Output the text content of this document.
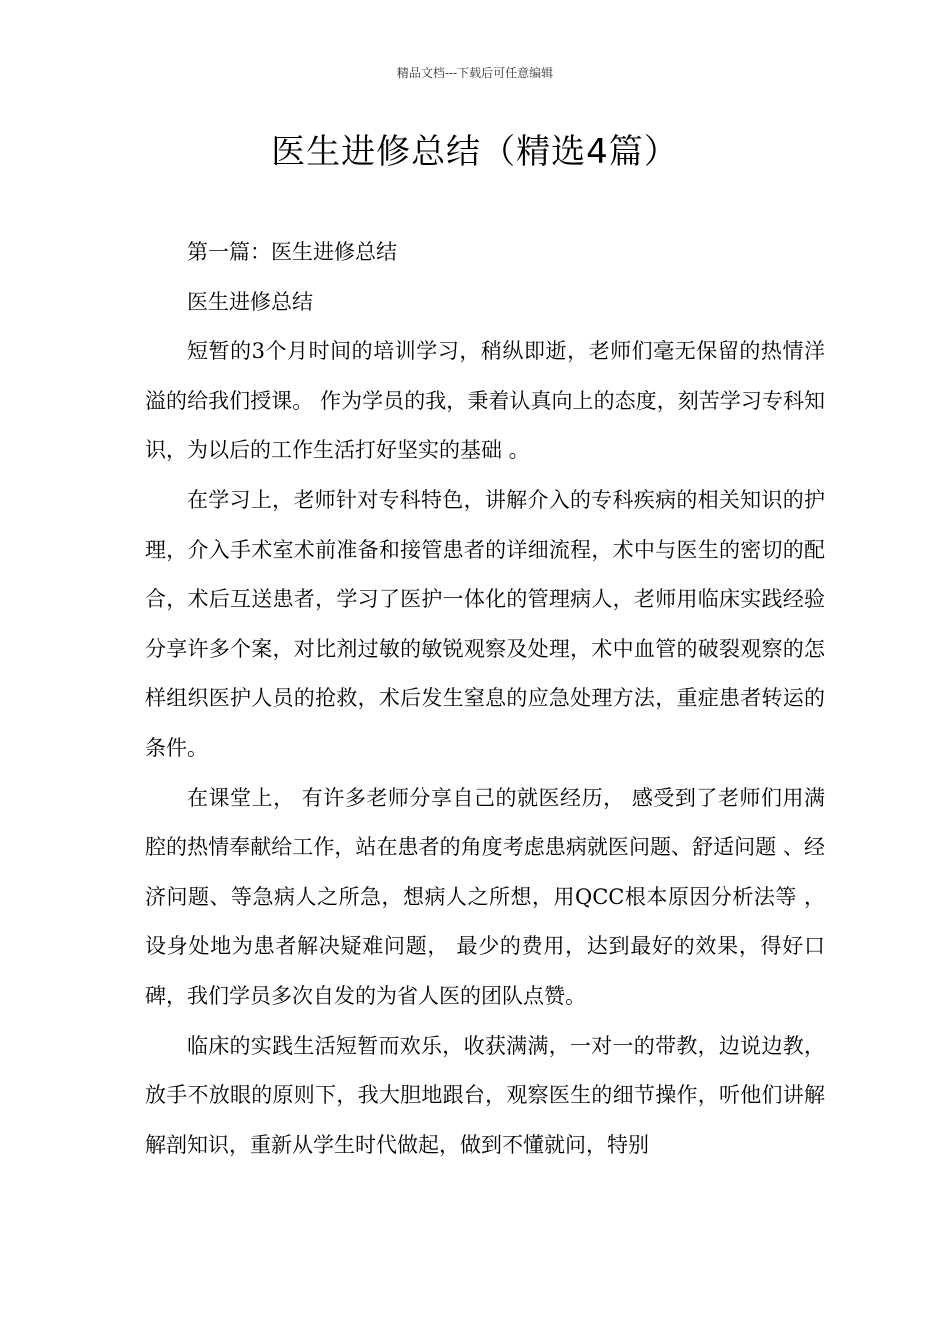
精品文档---下载后可任意编辑
医生进修总结（精选4篇）

第一篇：医生进修总结

医生进修总结

短暂的3个月时间的培训学习，稍纵即逝，老师们毫无保留的热情洋溢的给我们授课。 作为学员的我，秉着认真向上的态度，刻苦学习专科知识，为以后的工作生活打好坚实的基础 。

在学习上，老师针对专科特色，讲解介入的专科疾病的相关知识的护理，介入手术室术前准备和接管患者的详细流程，术中与医生的密切的配合，术后互送患者，学习了医护一体化的管理病人，老师用临床实践经验分享许多个案，对比剂过敏的敏锐观察及处理，术中血管的破裂观察的怎样组织医护人员的抢救，术后发生窒息的应急处理方法，重症患者转运的条件。

在课堂上， 有许多老师分享自己的就医经历， 感受到了老师们用满腔的热情奉献给工作，站在患者的角度考虑患病就医问题、舒适问题 、经济问题、等急病人之所急，想病人之所想，用QCC根本原因分析法等 ，设身处地为患者解决疑难问题， 最少的费用，达到最好的效果，得好口碑，我们学员多次自发的为省人医的团队点赞。

临床的实践生活短暂而欢乐，收获满满，一对一的带教，边说边教，放手不放眼的原则下，我大胆地跟台，观察医生的细节操作，听他们讲解解剖知识，重新从学生时代做起，做到不懂就问，特别
